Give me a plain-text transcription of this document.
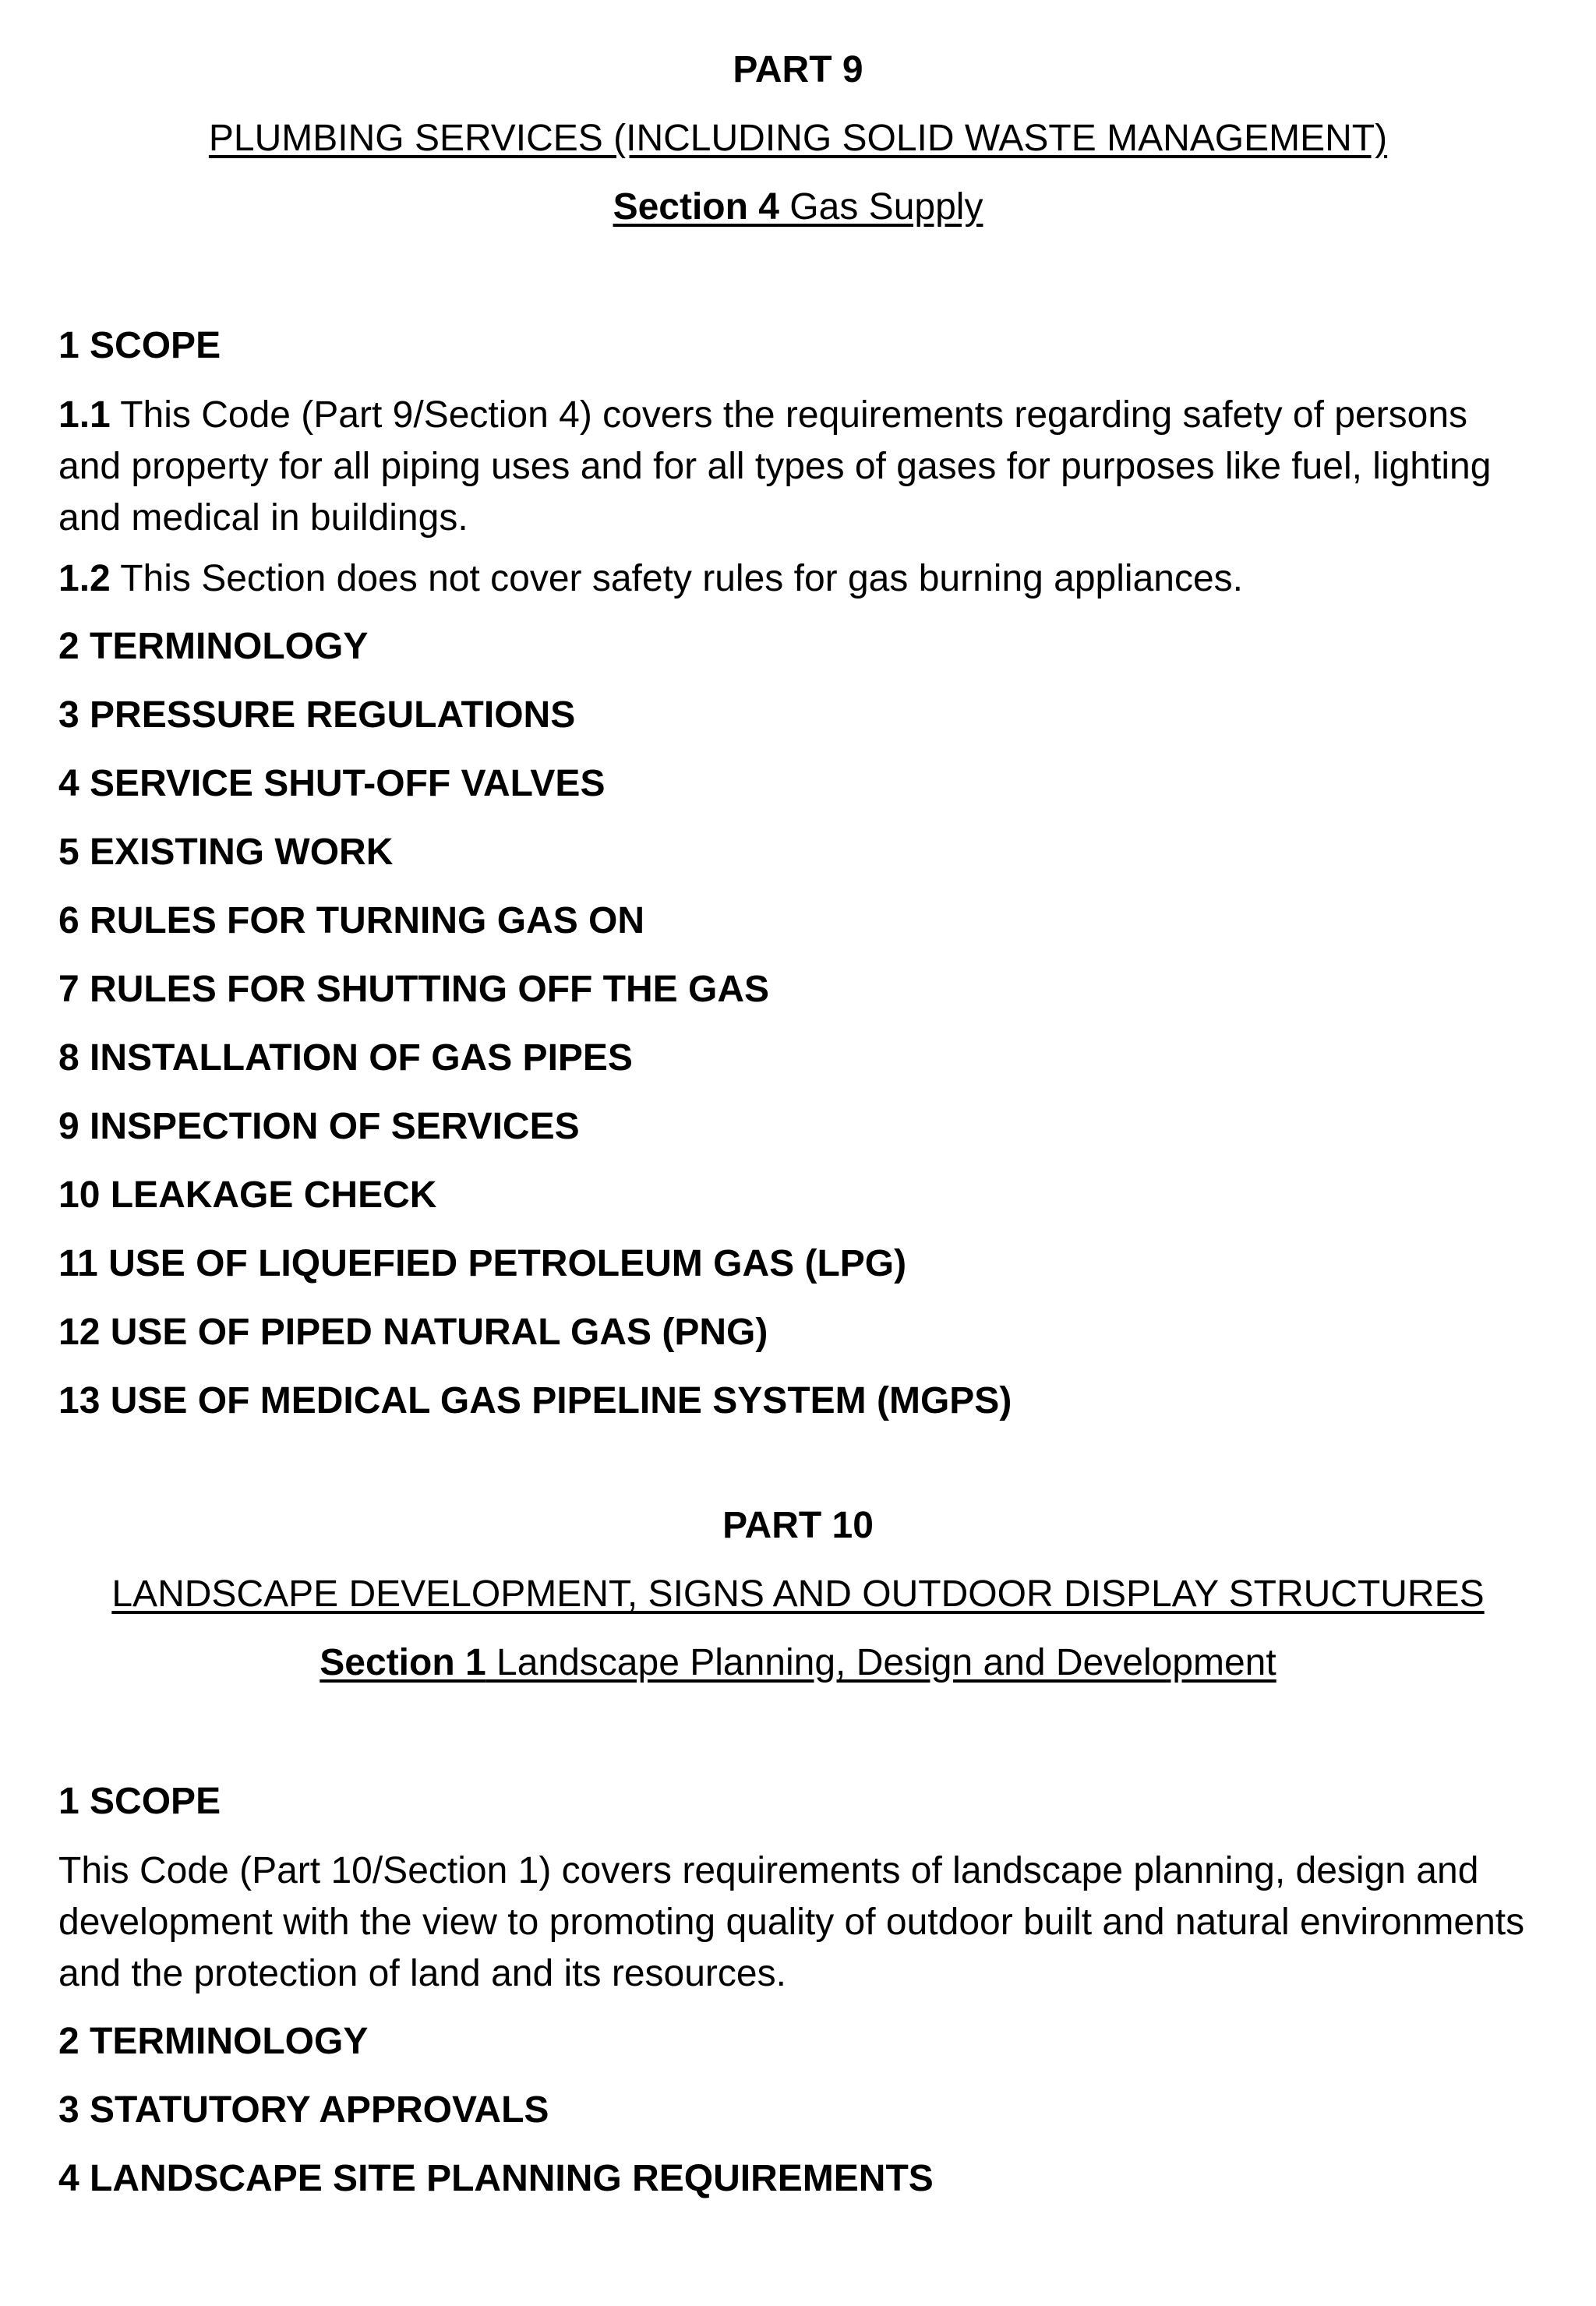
PART 9
PLUMBING SERVICES (INCLUDING SOLID WASTE MANAGEMENT)
Section 4 Gas Supply
1 SCOPE
1.1 This Code (Part 9/Section 4) covers the requirements regarding safety of persons and property for all piping uses and for all types of gases for purposes like fuel, lighting and medical in buildings.
1.2 This Section does not cover safety rules for gas burning appliances.
2 TERMINOLOGY
3 PRESSURE REGULATIONS
4 SERVICE SHUT-OFF VALVES
5 EXISTING WORK
6 RULES FOR TURNING GAS ON
7 RULES FOR SHUTTING OFF THE GAS
8 INSTALLATION OF GAS PIPES
9 INSPECTION OF SERVICES
10 LEAKAGE CHECK
11 USE OF LIQUEFIED PETROLEUM GAS (LPG)
12 USE OF PIPED NATURAL GAS (PNG)
13 USE OF MEDICAL GAS PIPELINE SYSTEM (MGPS)
PART 10
LANDSCAPE DEVELOPMENT, SIGNS AND OUTDOOR DISPLAY STRUCTURES
Section 1 Landscape Planning, Design and Development
1 SCOPE
This Code (Part 10/Section 1) covers requirements of landscape planning, design and development with the view to promoting quality of outdoor built and natural environments and the protection of land and its resources.
2 TERMINOLOGY
3 STATUTORY APPROVALS
4 LANDSCAPE SITE PLANNING REQUIREMENTS
